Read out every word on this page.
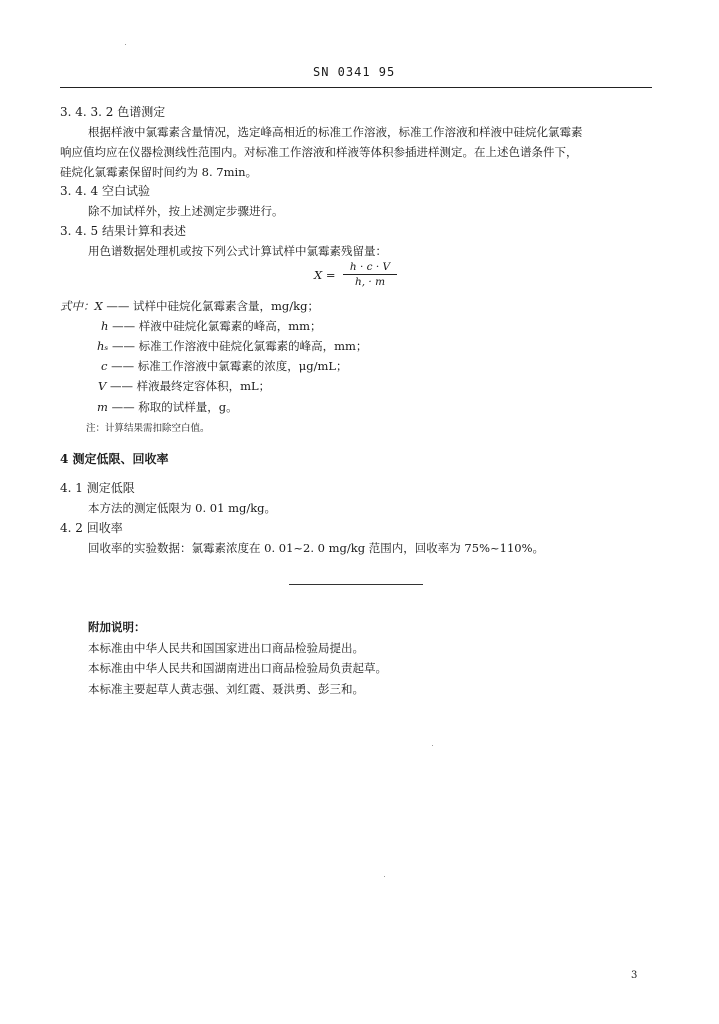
SN 0341 95
3. 4. 3. 2 色谱测定
根据样液中氯霉素含量情况，选定峰高相近的标准工作溶液，标准工作溶液和样液中硅烷化氯霉素
响应值均应在仪器检测线性范围内。对标准工作溶液和样液等体积参插进样测定。在上述色谱条件下，
硅烷化氯霉素保留时间约为 8. 7min。
3. 4. 4 空白试验
除不加试样外，按上述测定步骤进行。
3. 4. 5 结果计算和表述
用色谱数据处理机或按下列公式计算试样中氯霉素残留量：
X =
h · c · V
h, · m
式中：X —— 试样中硅烷化氯霉素含量，mg/kg；
h —— 样液中硅烷化氯霉素的峰高，mm；
hₛ —— 标准工作溶液中硅烷化氯霉素的峰高，mm；
c —— 标准工作溶液中氯霉素的浓度，μg/mL；
V —— 样液最终定容体积，mL；
m —— 称取的试样量，g。
注：计算结果需扣除空白值。
4 测定低限、回收率
4. 1 测定低限
本方法的测定低限为 0. 01 mg/kg。
4. 2 回收率
回收率的实验数据：氯霉素浓度在 0. 01~2. 0 mg/kg 范围内，回收率为 75%~110%。
附加说明：
本标准由中华人民共和国国家进出口商品检验局提出。
本标准由中华人民共和国湖南进出口商品检验局负责起草。
本标准主要起草人黄志强、刘红霞、聂洪勇、彭三和。
3
